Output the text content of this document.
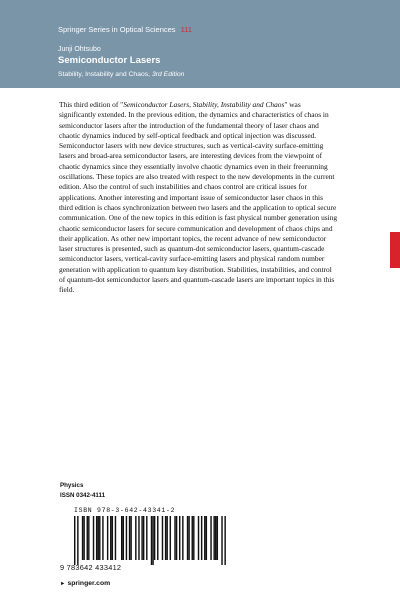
Springer Series in Optical Sciences 111
Junji Ohtsubo
Semiconductor Lasers
Stability, Instability and Chaos, 3rd Edition

This third edition of "Semiconductor Lasers, Stability, Instability and Chaos" was significantly extended. In the previous edition, the dynamics and characteristics of chaos in semiconductor lasers after the introduction of the fundamental theory of laser chaos and chaotic dynamics induced by self-optical feedback and optical injection was discussed. Semiconductor lasers with new device structures, such as vertical-cavity surface-emitting lasers and broad-area semiconductor lasers, are interesting devices from the viewpoint of chaotic dynamics since they essentially involve chaotic dynamics even in their freerunning oscillations. These topics are also treated with respect to the new developments in the current edition. Also the control of such instabilities and chaos control are critical issues for applications. Another interesting and important issue of semiconductor laser chaos in this third edition is chaos synchronization between two lasers and the application to optical secure communication. One of the new topics in this edition is fast physical number generation using chaotic semiconductor lasers for secure communication and development of chaos chips and their application. As other new important topics, the recent advance of new semiconductor laser structures is presented, such as quantum-dot semiconductor lasers, quantum-cascade semiconductor lasers, vertical-cavity surface-emitting lasers and physical random number generation with application to quantum key distribution. Stabilities, instabilities, and control of quantum-dot semiconductor lasers and quantum-cascade lasers are important topics in this field.

Physics
ISSN 0342-4111
ISBN 978-3-642-43341-2
9 783642 433412
► springer.com
